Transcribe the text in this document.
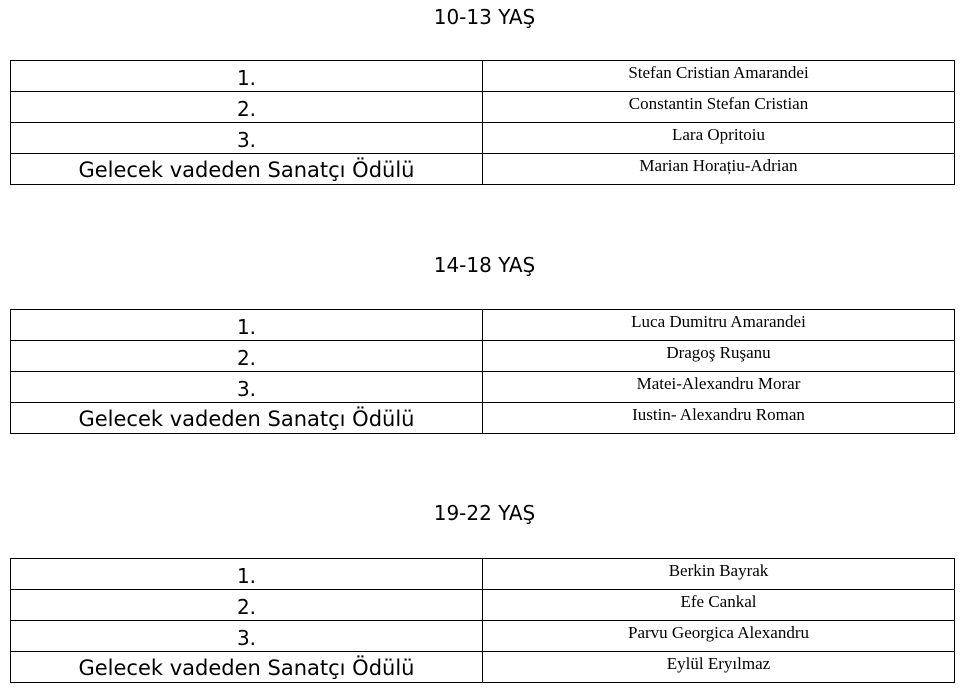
10-13 YAŞ
1.	Stefan Cristian Amarandei
2.	Constantin Stefan Cristian
3.	Lara Opritoiu
Gelecek vadeden Sanatçı Ödülü	Marian Horațiu-Adrian
14-18 YAŞ
1.	Luca Dumitru Amarandei
2.	Dragoş Ruşanu
3.	Matei-Alexandru Morar
Gelecek vadeden Sanatçı Ödülü	Iustin- Alexandru Roman
19-22 YAŞ
1.	Berkin Bayrak
2.	Efe Cankal
3.	Parvu Georgica Alexandru
Gelecek vadeden Sanatçı Ödülü	Eylül Eryılmaz
